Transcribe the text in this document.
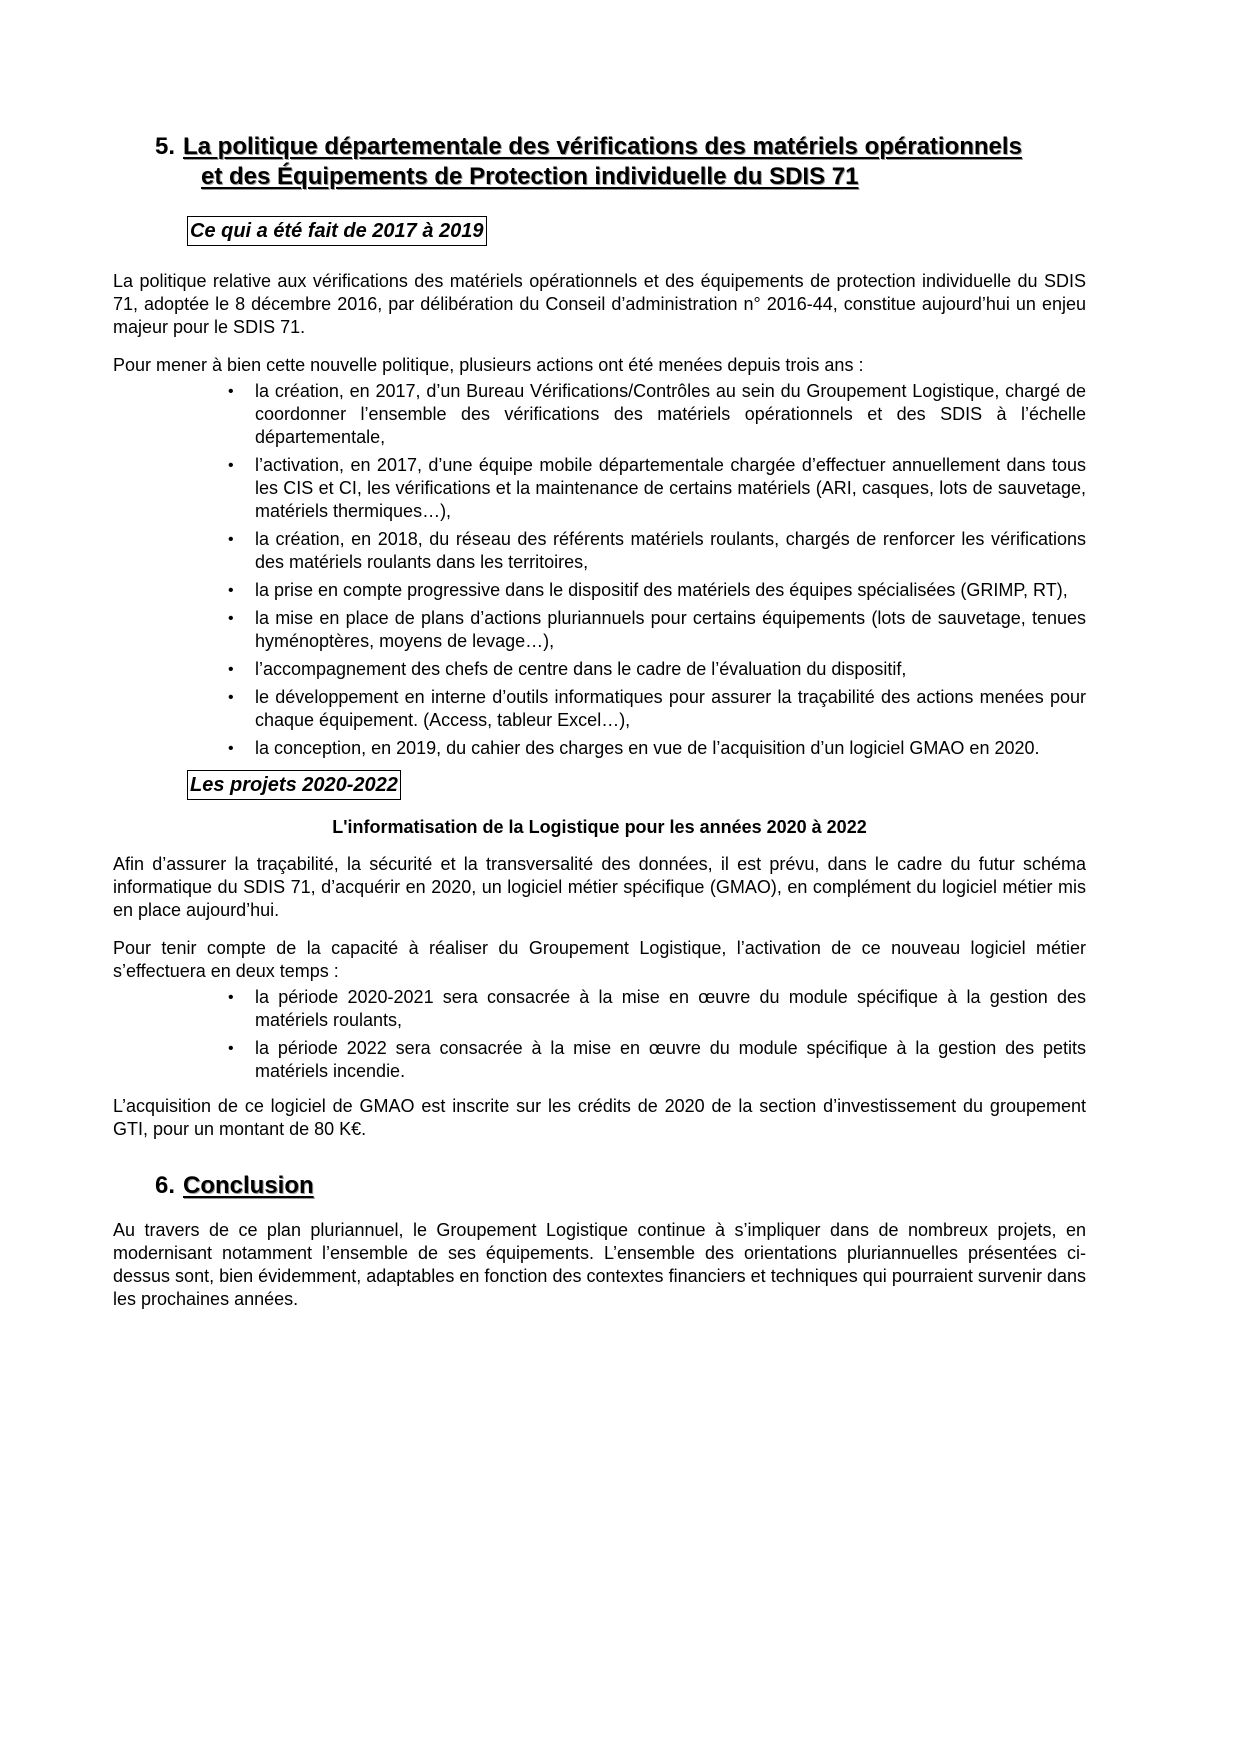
5. La politique départementale des vérifications des matériels opérationnels
et des Équipements de Protection individuelle du SDIS 71
Ce qui a été fait de 2017 à 2019

La politique relative aux vérifications des matériels opérationnels et des équipements de protection individuelle du SDIS 71, adoptée le 8 décembre 2016, par délibération du Conseil d’administration n° 2016-44, constitue aujourd’hui un enjeu majeur pour le SDIS 71.

Pour mener à bien cette nouvelle politique, plusieurs actions ont été menées depuis trois ans :

• la création, en 2017, d’un Bureau Vérifications/Contrôles au sein du Groupement Logistique, chargé de coordonner l’ensemble des vérifications des matériels opérationnels et des SDIS à l’échelle départementale,
• l’activation, en 2017, d’une équipe mobile départementale chargée d’effectuer annuellement dans tous les CIS et CI, les vérifications et la maintenance de certains matériels (ARI, casques, lots de sauvetage, matériels thermiques…),
• la création, en 2018, du réseau des référents matériels roulants, chargés de renforcer les vérifications des matériels roulants dans les territoires,
• la prise en compte progressive dans le dispositif des matériels des équipes spécialisées (GRIMP, RT),
• la mise en place de plans d’actions pluriannuels pour certains équipements (lots de sauvetage, tenues hyménoptères, moyens de levage…),
• l’accompagnement des chefs de centre dans le cadre de l’évaluation du dispositif,
• le développement en interne d’outils informatiques pour assurer la traçabilité des actions menées pour chaque équipement. (Access, tableur Excel…),
• la conception, en 2019, du cahier des charges en vue de l’acquisition d’un logiciel GMAO en 2020.
Les projets 2020-2022

L'informatisation de la Logistique pour les années 2020 à 2022

Afin d’assurer la traçabilité, la sécurité et la transversalité des données, il est prévu, dans le cadre du futur schéma informatique du SDIS 71, d’acquérir en 2020, un logiciel métier spécifique (GMAO), en complément du logiciel métier mis en place aujourd’hui.

Pour tenir compte de la capacité à réaliser du Groupement Logistique, l’activation de ce nouveau logiciel métier s’effectuera en deux temps :

• la période 2020-2021 sera consacrée à la mise en œuvre du module spécifique à la gestion des matériels roulants,
• la période 2022 sera consacrée à la mise en œuvre du module spécifique à la gestion des petits matériels incendie.

L’acquisition de ce logiciel de GMAO est inscrite sur les crédits de 2020 de la section d’investissement du groupement GTI, pour un montant de 80 K€.

6. Conclusion

Au travers de ce plan pluriannuel, le Groupement Logistique continue à s’impliquer dans de nombreux projets, en modernisant notamment l’ensemble de ses équipements. L’ensemble des orientations pluriannuelles présentées ci-dessus sont, bien évidemment, adaptables en fonction des contextes financiers et techniques qui pourraient survenir dans les prochaines années.
